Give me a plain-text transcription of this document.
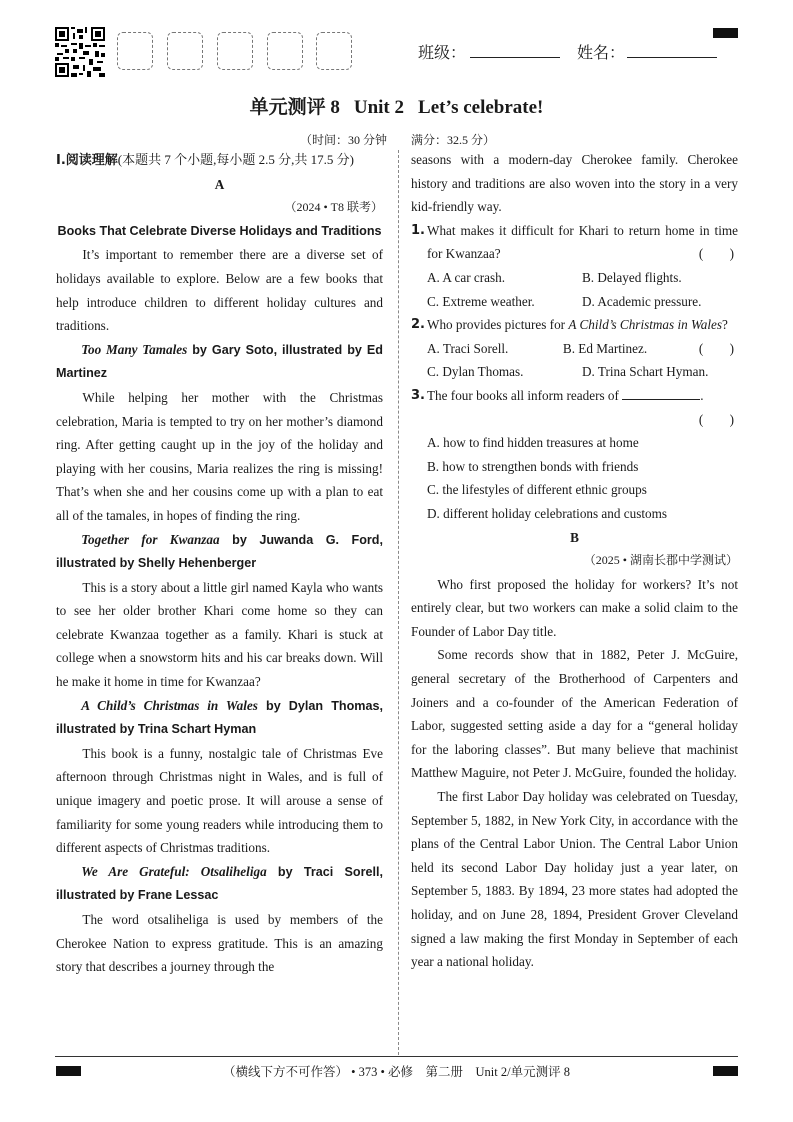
班级：	姓名：
单元测评 8 Unit 2 Let’s celebrate!
（时间：30 分钟 满分：32.5 分）

Ⅰ.阅读理解(本题共 7 个小题,每小题 2.5 分,共 17.5 分)

A

（2024 • T8 联考）

Books That Celebrate Diverse Holidays and Traditions

It’s important to remember there are a diverse set of holidays available to explore. Below are a few books that help introduce children to different holiday cultures and traditions.

Too Many Tamales by Gary Soto, illustrated by Ed Martinez

While helping her mother with the Christmas celebration, Maria is tempted to try on her mother’s diamond ring. After getting caught up in the joy of the holiday and playing with her cousins, Maria realizes the ring is missing! That’s when she and her cousins come up with a plan to eat all of the tamales, in hopes of finding the ring.

Together for Kwanzaa by Juwanda G. Ford, illustrated by Shelly Hehenberger

This is a story about a little girl named Kayla who wants to see her older brother Khari come home so they can celebrate Kwanzaa together as a family. Khari is stuck at college when a snowstorm hits and his car breaks down. Will he make it home in time for Kwanzaa?

A Child’s Christmas in Wales by Dylan Thomas, illustrated by Trina Schart Hyman

This book is a funny, nostalgic tale of Christmas Eve afternoon through Christmas night in Wales, and is full of unique imagery and poetic prose. It will arouse a sense of familiarity for some young readers while introducing them to different aspects of Christmas traditions.

We Are Grateful: Otsaliheliga by Traci Sorell, illustrated by Frane Lessac

The word otsaliheliga is used by members of the Cherokee Nation to express gratitude. This is an amazing story that describes a journey through the

seasons with a modern-day Cherokee family. Cherokee history and traditions are also woven into the story in a very kid-friendly way.

1. What makes it difficult for Khari to return home in time for Kwanzaa?	(　　)

A. A car crash.	B. Delayed flights.
C. Extreme weather.	D. Academic pressure.
2. Who provides pictures for A Child’s Christmas in Wales?
(　　)

A. Traci Sorell.	B. Ed Martinez.
C. Dylan Thomas.	D. Trina Schart Hyman.
3. The four books all inform readers of	.

(　　)

A. how to find hidden treasures at home

B. how to strengthen bonds with friends

C. the lifestyles of different ethnic groups

D. different holiday celebrations and customs

B

（2025 • 湖南长郡中学测试）

Who first proposed the holiday for workers? It’s not entirely clear, but two workers can make a solid claim to the Founder of Labor Day title.

Some records show that in 1882, Peter J. McGuire, general secretary of the Brotherhood of Carpenters and Joiners and a co-founder of the American Federation of Labor, suggested setting aside a day for a “general holiday for the laboring classes”. But many believe that machinist Matthew Maguire, not Peter J. McGuire, founded the holiday.

The first Labor Day holiday was celebrated on Tuesday, September 5, 1882, in New York City, in accordance with the plans of the Central Labor Union. The Central Labor Union held its second Labor Day holiday just a year later, on September 5, 1883. By 1894, 23 more states had adopted the holiday, and on June 28, 1894, President Grover Cleveland signed a law making the first Monday in September of each year a national holiday.

（横线下方不可作答） • 373 • 必修　第二册　Unit 2/单元测评 8
